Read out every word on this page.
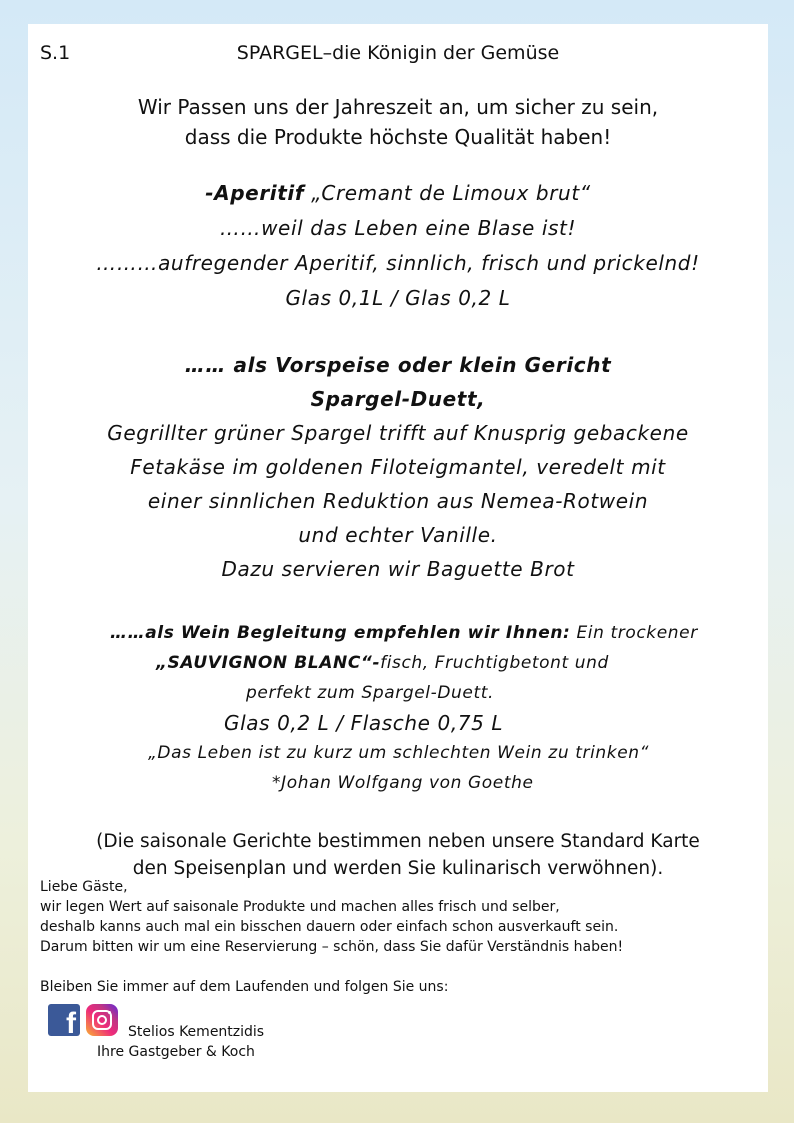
S.1	SPARGEL–die Königin der Gemüse
Wir Passen uns der Jahreszeit an, um sicher zu sein,
dass die Produkte höchste Qualität haben!
-Aperitif „Cremant de Limoux brut“
……weil das Leben eine Blase ist!
………aufregender Aperitif, sinnlich, frisch und prickelnd!
Glas 0,1L / Glas 0,2 L
…… als Vorspeise oder klein Gericht
Spargel-Duett,
Gegrillter grüner Spargel trifft auf Knusprig gebackene
Fetakäse im goldenen Filoteigmantel, veredelt mit
einer sinnlichen Reduktion aus Nemea-Rotwein
und echter Vanille.
Dazu servieren wir Baguette Brot
……als Wein Begleitung empfehlen wir Ihnen: Ein trockener
„SAUVIGNON BLANC“-fisch, Fruchtigbetont und
perfekt zum Spargel-Duett.
Glas 0,2 L / Flasche 0,75 L
„Das Leben ist zu kurz um schlechten Wein zu trinken“
*Johan Wolfgang von Goethe
(Die saisonale Gerichte bestimmen neben unsere Standard Karte
den Speisenplan und werden Sie kulinarisch verwöhnen).
Liebe Gäste,
wir legen Wert auf saisonale Produkte und machen alles frisch und selber,
deshalb kanns auch mal ein bisschen dauern oder einfach schon ausverkauft sein.
Darum bitten wir um eine Reservierung – schön, dass Sie dafür Verständnis haben!
Bleiben Sie immer auf dem Laufenden und folgen Sie uns:
f	Stelios Kementzidis
Ihre Gastgeber & Koch
